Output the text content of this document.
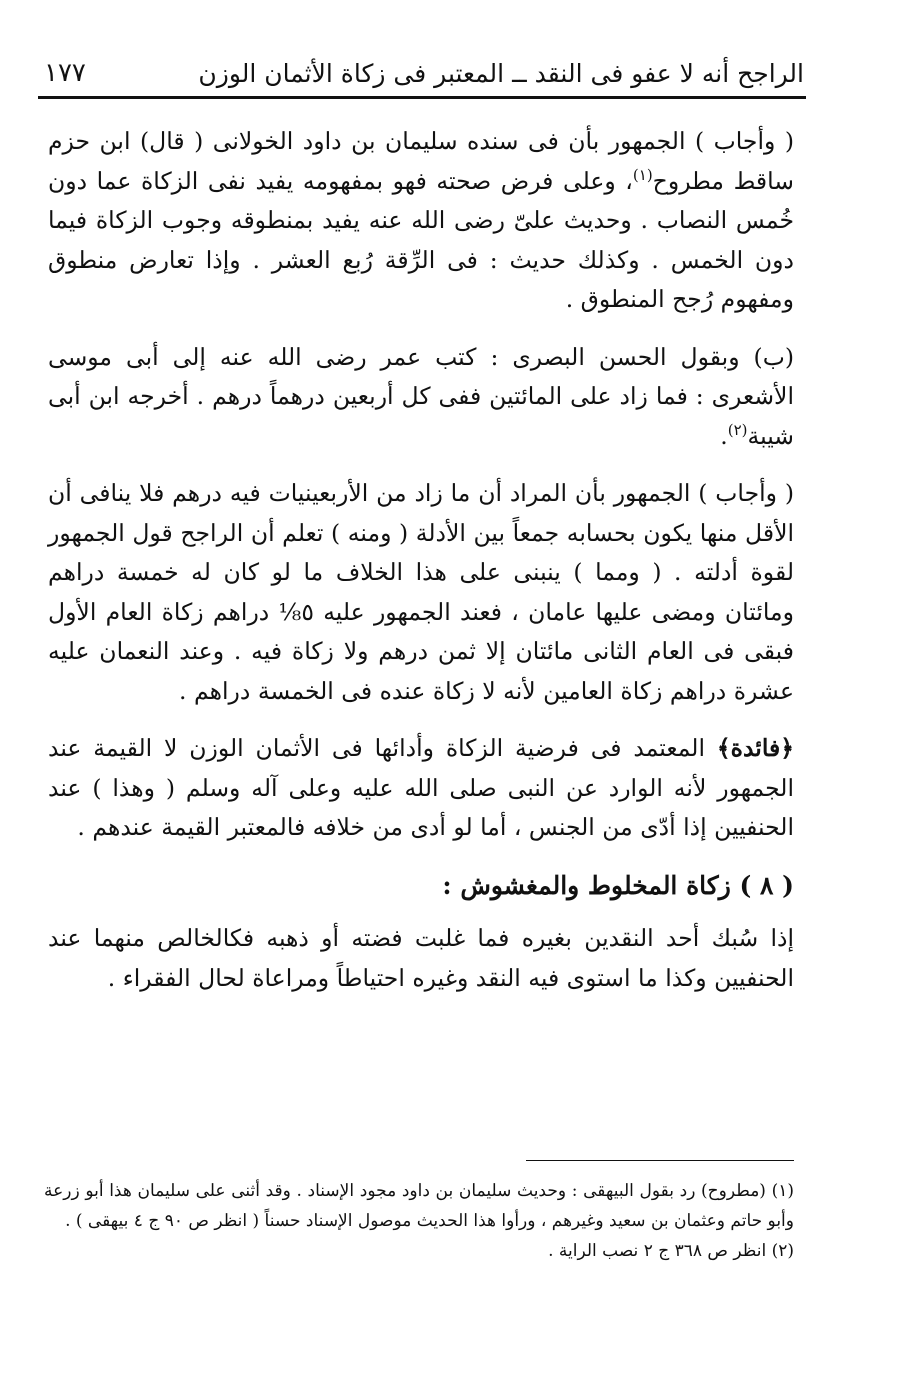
الراجح أنه لا عفو فى النقد ــ المعتبر فى زكاة الأثمان الوزن
١٧٧

( وأجاب ) الجمهور بأن فى سنده سليمان بن داود الخولانى ( قال) ابن حزم ساقط مطروح$^{(١)}$، وعلى فرض صحته فهو بمفهومه يفيد نفى الزكاة عما دون خُمس النصاب . وحديث علىّ رضى الله عنه يفيد بمنطوقه وجوب الزكاة فيما دون الخمس . وكذلك حديث : فى الرِّقة رُبع العشر . وإذا تعارض منطوق ومفهوم رُجح المنطوق .

(ب) وبقول الحسن البصرى : كتب عمر رضى الله عنه إلى أبى موسى الأشعرى : فما زاد على المائتين ففى كل أربعين درهماً درهم . أخرجه ابن أبى شيبة$^{(٢)}$.

( وأجاب ) الجمهور بأن المراد أن ما زاد من الأربعينيات فيه درهم فلا ينافى أن الأقل منها يكون بحسابه جمعاً بين الأدلة ( ومنه ) تعلم أن الراجح قول الجمهور لقوة أدلته . ( ومما ) ينبنى على هذا الخلاف ما لو كان له خمسة دراهم ومائتان ومضى عليها عامان ، فعند الجمهور عليه ٥⅛ دراهم زكاة العام الأول فبقى فى العام الثانى مائتان إلا ثمن درهم ولا زكاة فيه . وعند النعمان عليه عشرة دراهم زكاة العامين لأنه لا زكاة عنده فى الخمسة دراهم .

﴿فائدة﴾ المعتمد فى فرضية الزكاة وأدائها فى الأثمان الوزن لا القيمة عند الجمهور لأنه الوارد عن النبى صلى الله عليه وعلى آله وسلم ( وهذا ) عند الحنفيين إذا أدّى من الجنس ، أما لو أدى من خلافه فالمعتبر القيمة عندهم .

( ٨ ) زكاة المخلوط والمغشوش :

إذا سُبك أحد النقدين بغيره فما غلبت فضته أو ذهبه فكالخالص منهما عند الحنفيين وكذا ما استوى فيه النقد وغيره احتياطاً ومراعاة لحال الفقراء .

(١) (مطروح) رد بقول البيهقى : وحديث سليمان بن داود مجود الإسناد . وقد أثنى على سليمان هذا أبو زرعة وأبو حاتم وعثمان بن سعيد وغيرهم ، ورأوا هذا الحديث موصول الإسناد حسناً ( انظر ص ٩٠ ج ٤ بيهقى ) .

(٢) انظر ص ٣٦٨ ج ٢ نصب الراية .
